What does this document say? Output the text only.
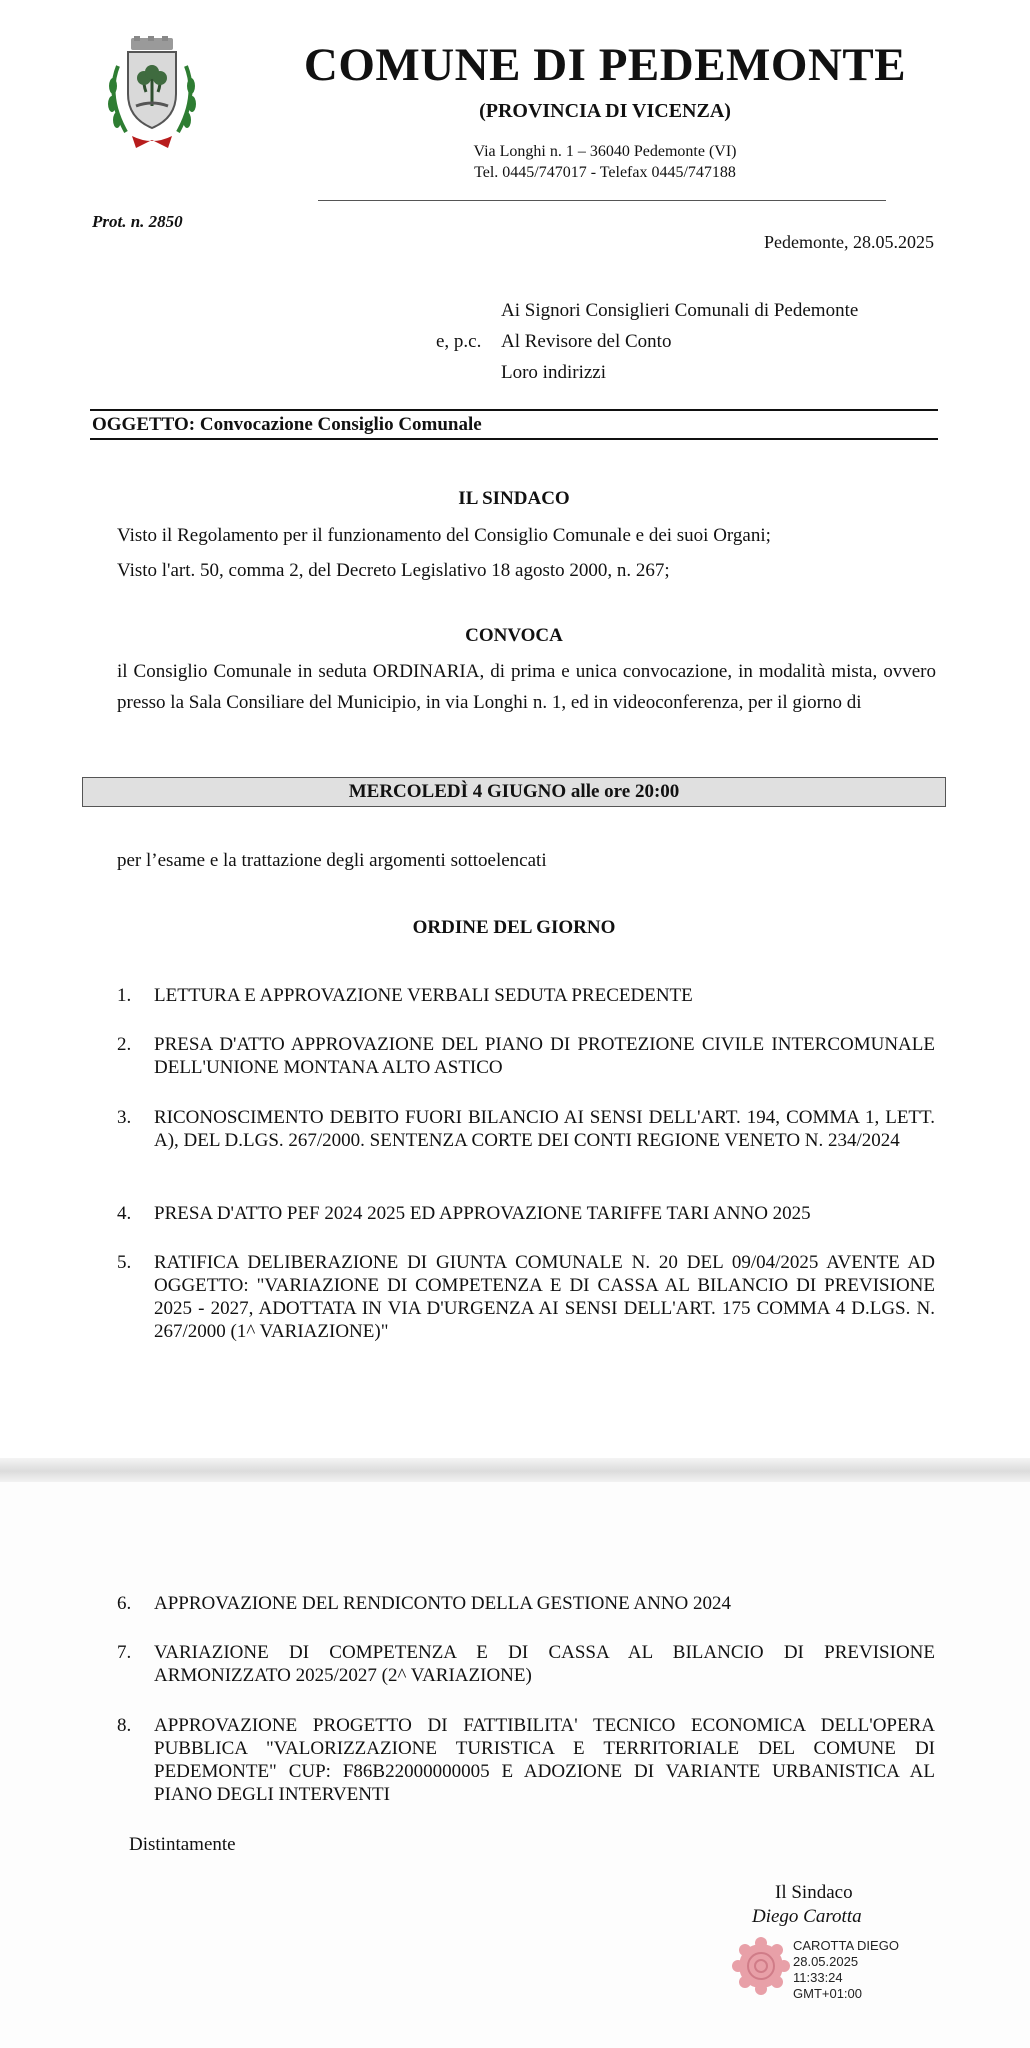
COMUNE DI PEDEMONTE
(PROVINCIA DI VICENZA)
Via Longhi n. 1 – 36040 Pedemonte (VI)
Tel. 0445/747017 - Telefax 0445/747188
Prot. n. 2850
Pedemonte, 28.05.2025
Ai Signori Consiglieri Comunali di Pedemonte
e, p.c. Al Revisore del Conto
Loro indirizzi
OGGETTO: Convocazione Consiglio Comunale
IL SINDACO
Visto il Regolamento per il funzionamento del Consiglio Comunale e dei suoi Organi;
Visto l'art. 50, comma 2, del Decreto Legislativo 18 agosto 2000, n. 267;
CONVOCA
il Consiglio Comunale in seduta ORDINARIA, di prima e unica convocazione, in modalità mista, ovvero presso la Sala Consiliare del Municipio, in via Longhi n. 1, ed in videoconferenza, per il giorno di
MERCOLEDÌ 4 GIUGNO alle ore 20:00
per l’esame e la trattazione degli argomenti sottoelencati
ORDINE DEL GIORNO
1.	LETTURA E APPROVAZIONE VERBALI SEDUTA PRECEDENTE
2.	PRESA D'ATTO APPROVAZIONE DEL PIANO DI PROTEZIONE CIVILE INTERCOMUNALE DELL'UNIONE MONTANA ALTO ASTICO
3.	RICONOSCIMENTO DEBITO FUORI BILANCIO AI SENSI DELL'ART. 194, COMMA 1, LETT. A), DEL D.LGS. 267/2000. SENTENZA CORTE DEI CONTI REGIONE VENETO N. 234/2024
4.	PRESA D'ATTO PEF 2024 2025 ED APPROVAZIONE TARIFFE TARI ANNO 2025
5.	RATIFICA DELIBERAZIONE DI GIUNTA COMUNALE N. 20 DEL 09/04/2025 AVENTE AD OGGETTO: "VARIAZIONE DI COMPETENZA E DI CASSA AL BILANCIO DI PREVISIONE 2025 - 2027, ADOTTATA IN VIA D'URGENZA AI SENSI DELL'ART. 175 COMMA 4 D.LGS. N. 267/2000 (1^ VARIAZIONE)"
6.	APPROVAZIONE DEL RENDICONTO DELLA GESTIONE ANNO 2024
7.	VARIAZIONE DI COMPETENZA E DI CASSA AL BILANCIO DI PREVISIONE ARMONIZZATO 2025/2027 (2^ VARIAZIONE)
8.	APPROVAZIONE PROGETTO DI FATTIBILITA' TECNICO ECONOMICA DELL'OPERA PUBBLICA "VALORIZZAZIONE TURISTICA E TERRITORIALE DEL COMUNE DI PEDEMONTE" CUP: F86B22000000005 E ADOZIONE DI VARIANTE URBANISTICA AL PIANO DEGLI INTERVENTI
Distintamente
Il Sindaco
Diego Carotta
CAROTTA DIEGO
28.05.2025
11:33:24
GMT+01:00
